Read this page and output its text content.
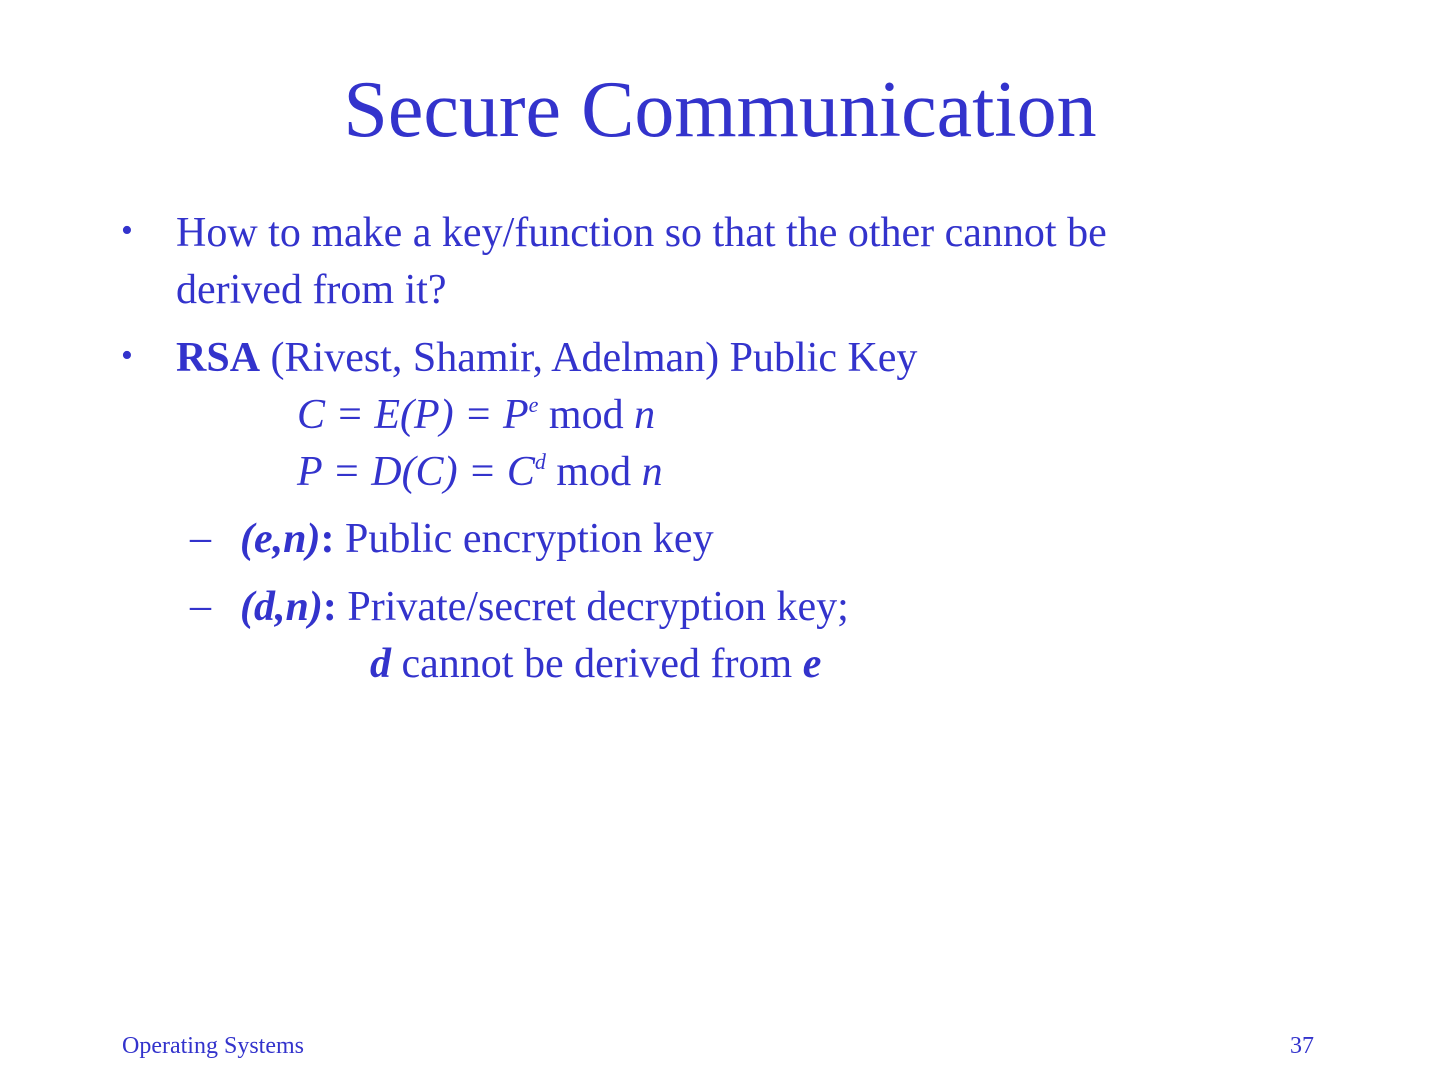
Secure Communication
• How to make a key/function so that the other cannot be
derived from it?
• RSA (Rivest, Shamir, Adelman) Public Key
$C = E(P) = P^e$ mod n
$P = D(C) = C^d$ mod n
– (e,n): Public encryption key
– (d,n): Private/secret decryption key;
d cannot be derived from e
Operating Systems	37
